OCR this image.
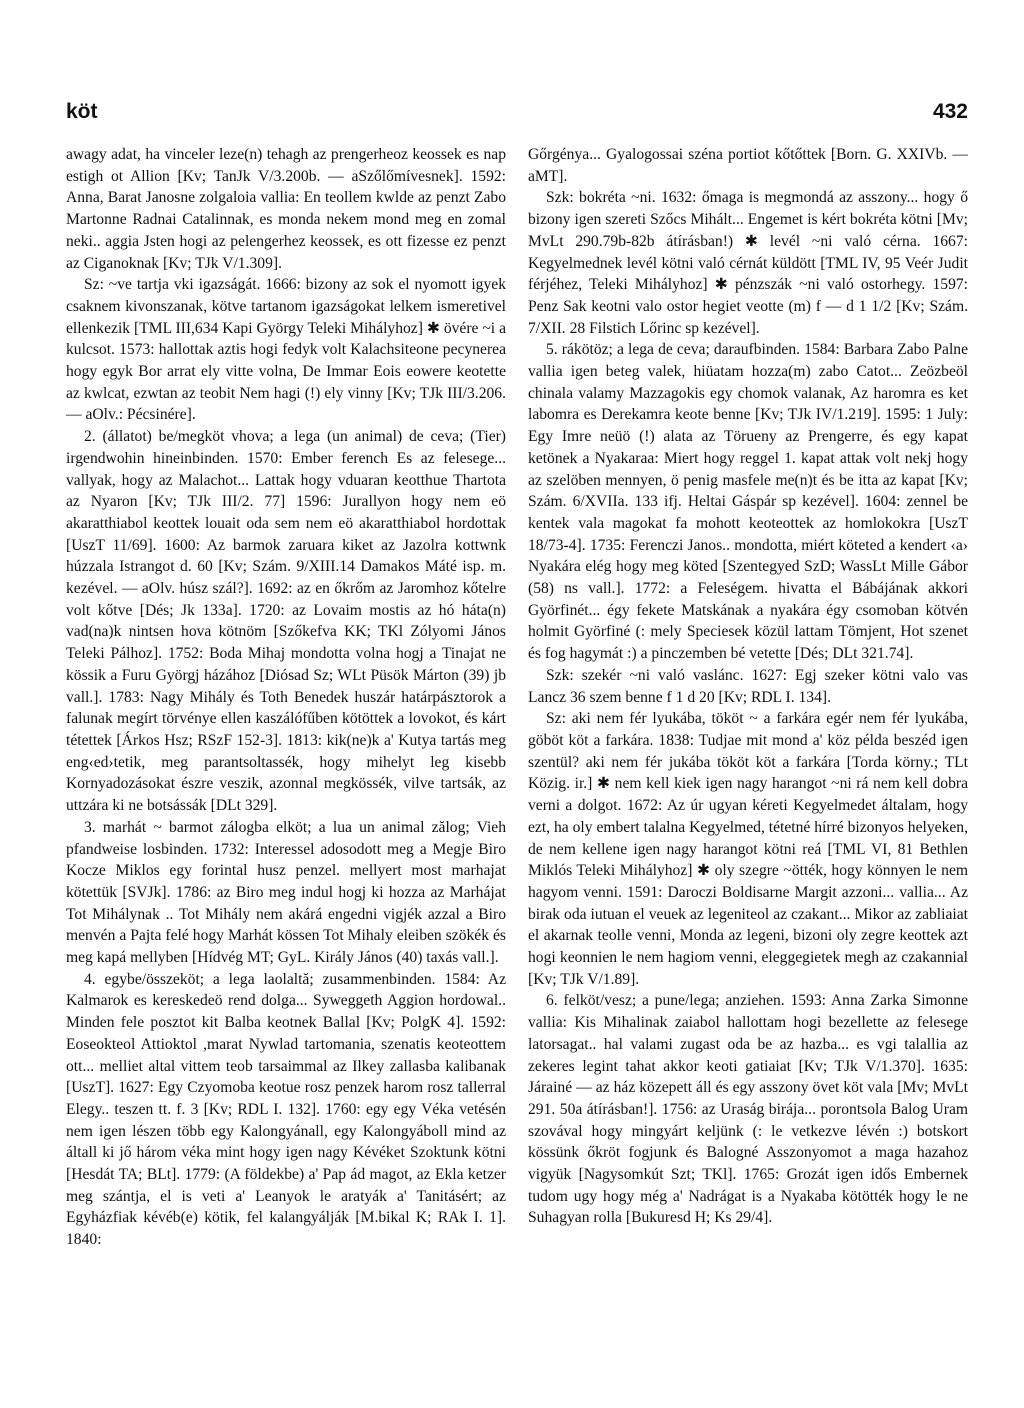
köt	432

awagy adat, ha vinceler leze(n) tehagh az prengerheoz keossek es nap estigh ot Allion [Kv; TanJk V/3.200b. — aSzőlőmívesnek]. 1592: Anna, Barat Janosne zolgaloia vallia: En teollem kwlde az penzt Zabo Martonne Radnai Catalinnak, es monda nekem mond meg en zomal neki.. aggia Jsten hogi az pelengerhez keossek, es ott fizesse ez penzt az Ciganoknak [Kv; TJk V/1.309].

Sz: ~ve tartja vki igazságát. 1666: bizony az sok el nyomott igyek csaknem kivonszanak, kötve tartanom igazságokat lelkem ismeretivel ellenkezik [TML III,634 Kapi György Teleki Mihályhoz] ✱ övére ~i a kulcsot. 1573: hallottak aztis hogi fedyk volt Kalachsiteone pecynerea hogy egyk Bor arrat ely vitte volna, De Immar Eois eowere keotette az kwlcat, ezwtan az teobit Nem hagi (!) ely vinny [Kv; TJk III/3.206. — aOlv.: Pécsinére].

2. (állatot) be/megköt vhova; a lega (un animal) de ceva; (Tier) irgendwohin hineinbinden. 1570: Ember ferench Es az felesege... vallyak, hogy az Malachot... Lattak hogy vduaran keotthue Thartota az Nyaron [Kv; TJk III/2. 77] 1596: Jurallyon hogy nem eö akaratthiabol keottek louait oda sem nem eö akaratthiabol hordottak [UszT 11/69]. 1600: Az barmok zaruara kiket az Jazolra kottwnk húzzala Istrangot d. 60 [Kv; Szám. 9/XIII.14 Damakos Máté isp. m. kezével. — aOlv. húsz szál?]. 1692: az en őkrőm az Jaromhoz kőtelre volt kőtve [Dés; Jk 133a]. 1720: az Lovaim mostis az hó háta(n) vad(na)k nintsen hova kötnöm [Szőkefva KK; TKl Zólyomi János Teleki Pálhoz]. 1752: Boda Mihaj mondotta volna hogj a Tinajat ne kössik a Furu Györgj házához [Diósad Sz; WLt Püsök Márton (39) jb vall.]. 1783: Nagy Mihály és Toth Benedek huszár határpásztorok a falunak megírt törvénye ellen kaszálófűben kötöttek a lovokot, és kárt tétettek [Árkos Hsz; RSzF 152-3]. 1813: kik(ne)k a' Kutya tartás meg eng‹ed›tetik, meg parantsoltassék, hogy mihelyt leg kisebb Kornyadozásokat észre veszik, azonnal megkössék, vilve tartsák, az uttzára ki ne botsássák [DLt 329].

3. marhát ~ barmot zálogba elköt; a lua un animal zălog; Vieh pfandweise losbinden. 1732: Interessel adosodott meg a Megje Biro Kocze Miklos egy forintal husz penzel. mellyert most marhajat kötettük [SVJk]. 1786: az Biro meg indul hogj ki hozza az Marhájat Tot Mihálynak .. Tot Mihály nem akárá engedni vigjék azzal a Biro menvén a Pajta felé hogy Marhát kössen Tot Mihaly eleiben szökék és meg kapá mellyben [Hídvég MT; GyL. Király János (40) taxás vall.].

4. egybe/összeköt; a lega laolaltă; zusammenbinden. 1584: Az Kalmarok es kereskedeö rend dolga... Syweggeth Aggion hordowal.. Minden fele posztot kit Balba keotnek Ballal [Kv; PolgK 4]. 1592: Eoseokteol Attioktol ,marat Nywlad tartomania, szenatis keoteottem ott... melliet altal vittem teob tarsaimmal az Ilkey zallasba kalibanak [UszT]. 1627: Egy Czyomoba keotue rosz penzek harom rosz tallerral Elegy.. teszen tt. f. 3 [Kv; RDL I. 132]. 1760: egy egy Véka vetésén nem igen lészen több egy Kalongyánall, egy Kalongyáboll mind az általl ki jő három véka mint hogy igen nagy Kévéket Szoktunk kötni [Hesdát TA; BLt]. 1779: (A földekbe) a' Pap ád magot, az Ekla ketzer meg szántja, el is veti a' Leanyok le aratyák a' Tanitásért; az Egyházfiak kévéb(e) kötik, fel kalangyálják [M.bikal K; RAk I. 1]. 1840:

Gőrgénya... Gyalogossai széna portiot kőtőttek [Born. G. XXIVb. — aMT].

Szk: bokréta ~ni. 1632: őmaga is megmondá az asszony... hogy ő bizony igen szereti Szőcs Mihált... Engemet is kért bokréta kötni [Mv; MvLt 290.79b-82b átírásban!) ✱ levél ~ni való cérna. 1667: Kegyelmednek levél kötni való cérnát küldött [TML IV, 95 Veér Judit férjéhez, Teleki Mihályhoz] ✱ pénzszák ~ni való ostorhegy. 1597: Penz Sak keotni valo ostor hegiet veotte (m) f — d 1 1/2 [Kv; Szám. 7/XII. 28 Filstich Lőrinc sp kezével].

5. rákötöz; a lega de ceva; daraufbinden. 1584: Barbara Zabo Palne vallia igen beteg valek, hiüatam hozza(m) zabo Catot... Zeözbeöl chinala valamy Mazzagokis egy chomok valanak, Az haromra es ket labomra es Derekamra keote benne [Kv; TJk IV/1.219]. 1595: 1 July: Egy Imre neüö (!) alata az Törueny az Prengerre, és egy kapat ketönek a Nyakaraa: Miert hogy reggel 1. kapat attak volt nekj hogy az szelöben mennyen, ö penig masfele me(n)t és be itta az kapat [Kv; Szám. 6/XVIIa. 133 ifj. Heltai Gáspár sp kezével]. 1604: zennel be kentek vala magokat fa mohott keoteottek az homlokokra [UszT 18/73-4]. 1735: Ferenczi Janos.. mondotta, miért köteted a kendert ‹a› Nyakára elég hogy meg köted [Szentegyed SzD; WassLt Mille Gábor (58) ns vall.]. 1772: a Feleségem. hivatta el Bábájának akkori Györfinét... égy fekete Matskának a nyakára égy csomoban kötvén holmit Györfiné (: mely Speciesek közül lattam Tömjent, Hot szenet és fog hagymát :) a pinczemben bé vetette [Dés; DLt 321.74].

Szk: szekér ~ni való vaslánc. 1627: Egj szeker kötni valo vas Lancz 36 szem benne f 1 d 20 [Kv; RDL I. 134].

Sz: aki nem fér lyukába, tököt ~ a farkára egér nem fér lyukába, göböt köt a farkára. 1838: Tudjae mit mond a' köz példa beszéd igen szentül? aki nem fér jukába tököt köt a farkára [Torda körny.; TLt Közig. ir.] ✱ nem kell kiek igen nagy harangot ~ni rá nem kell dobra verni a dolgot. 1672: Az úr ugyan kéreti Kegyelmedet általam, hogy ezt, ha oly embert talalna Kegyelmed, tétetné hírré bizonyos helyeken, de nem kellene igen nagy harangot kötni reá [TML VI, 81 Bethlen Miklós Teleki Mihályhoz] ✱ oly szegre ~ötték, hogy könnyen le nem hagyom venni. 1591: Daroczi Boldisarne Margit azzoni... vallia... Az birak oda iutuan el veuek az legeniteol az czakant... Mikor az zabliaiat el akarnak teolle venni, Monda az legeni, bizoni oly zegre keottek azt hogi keonnien le nem hagiom venni, eleggegietek megh az czakannial [Kv; TJk V/1.89].

6. felköt/vesz; a pune/lega; anziehen. 1593: Anna Zarka Simonne vallia: Kis Mihalinak zaiabol hallottam hogi bezellette az felesege latorsagat.. hal valami zugast oda be az hazba... es vgi talallia az zekeres legint tahat akkor keoti gatiaiat [Kv; TJk V/1.370]. 1635: Járainé — az ház közepett áll és egy asszony övet köt vala [Mv; MvLt 291. 50a átírásban!]. 1756: az Uraság birája... porontsola Balog Uram szovával hogy mingyárt keljünk (: le vetkezve lévén :) botskort kössünk őkröt fogjunk és Balogné Asszonyomot a maga hazahoz vigyük [Nagysomkút Szt; TKl]. 1765: Grozát igen idős Embernek tudom ugy hogy még a' Nadrágat is a Nyakaba kötötték hogy le ne Suhagyan rolla [Bukuresd H; Ks 29/4].
